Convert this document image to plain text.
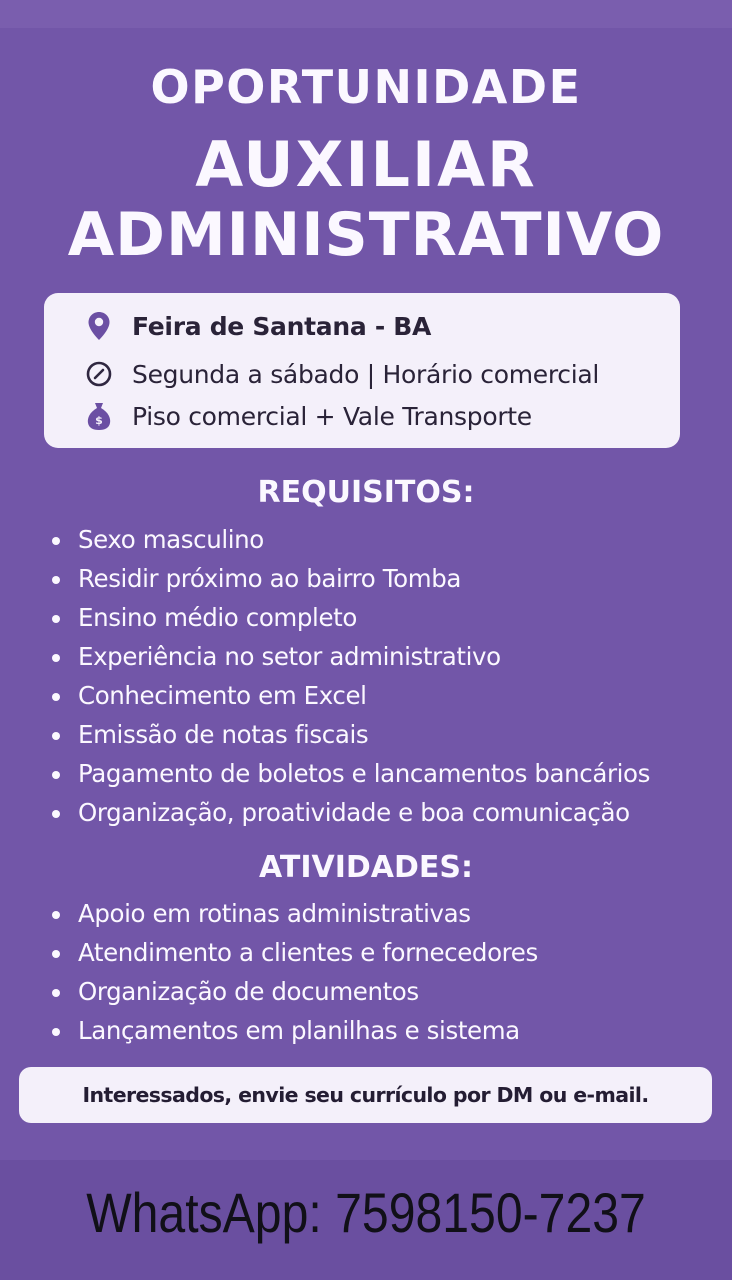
OPORTUNIDADE
AUXILIAR
ADMINISTRATIVO
Feira de Santana - BA
Segunda a sábado | Horário comercial
$ Piso comercial + Vale Transporte
REQUISITOS:
Sexo masculino
Residir próximo ao bairro Tomba
Ensino médio completo
Experiência no setor administrativo
Conhecimento em Excel
Emissão de notas fiscais
Pagamento de boletos e lancamentos bancários
Organização, proatividade e boa comunicação
ATIVIDADES:
Apoio em rotinas administrativas
Atendimento a clientes e fornecedores
Organização de documentos
Lançamentos em planilhas e sistema
Interessados, envie seu currículo por DM ou e-mail.
WhatsApp: 7598150-7237
